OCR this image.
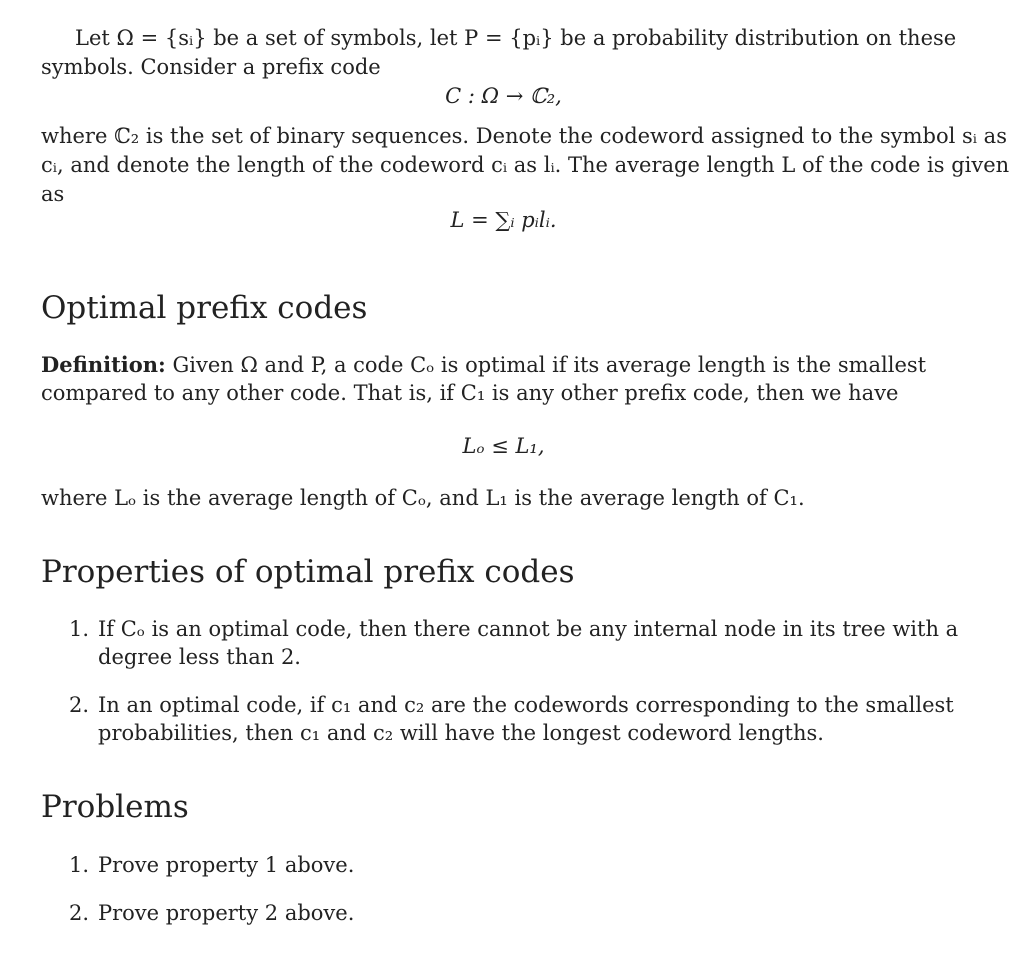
Let Ω = {sᵢ} be a set of symbols, let P = {pᵢ} be a probability distribution on these
symbols. Consider a prefix code
C : Ω → ℂ₂,
where ℂ₂ is the set of binary sequences. Denote the codeword assigned to the symbol sᵢ as
cᵢ, and denote the length of the codeword cᵢ as lᵢ. The average length L of the code is given
as
L = ∑ᵢ pᵢlᵢ.
Optimal prefix codes
Definition: Given Ω and P, a code Cₒ is optimal if its average length is the smallest
compared to any other code. That is, if C₁ is any other prefix code, then we have
Lₒ ≤ L₁,
where Lₒ is the average length of Cₒ, and L₁ is the average length of C₁.
Properties of optimal prefix codes
1. If Cₒ is an optimal code, then there cannot be any internal node in its tree with a
degree less than 2.
2. In an optimal code, if c₁ and c₂ are the codewords corresponding to the smallest
probabilities, then c₁ and c₂ will have the longest codeword lengths.
Problems
1. Prove property 1 above.
2. Prove property 2 above.
